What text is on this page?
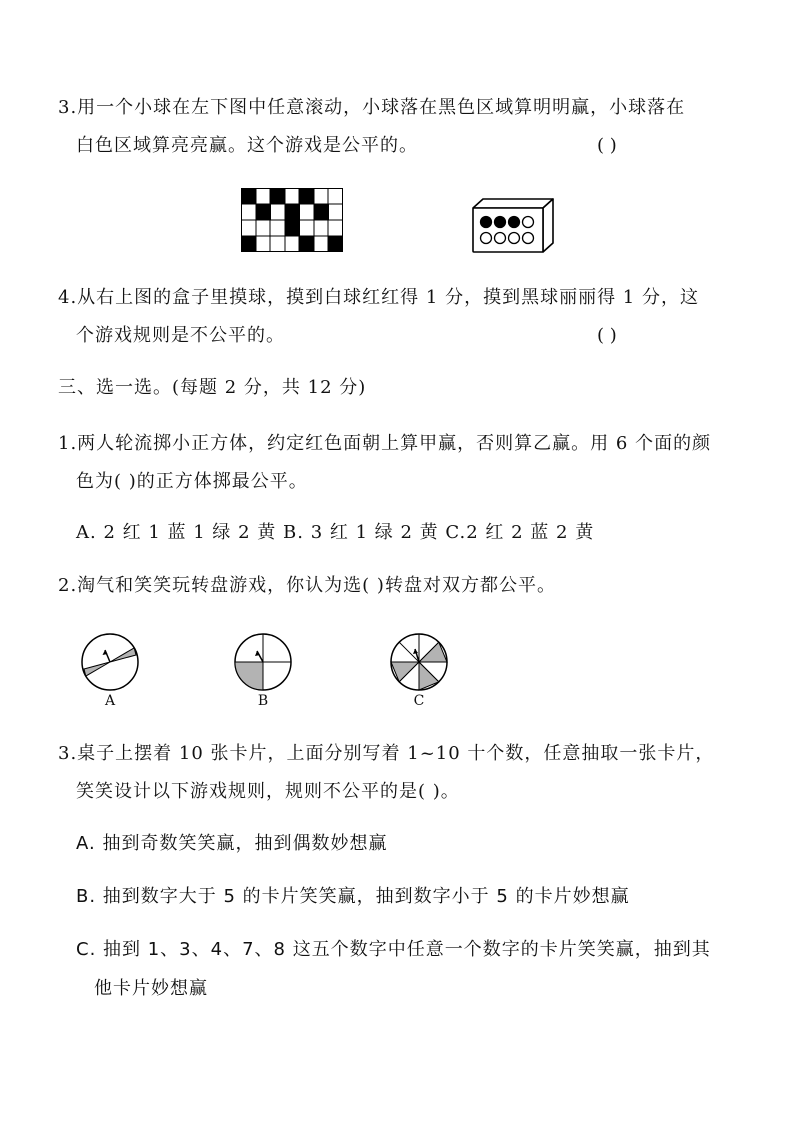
3.用一个小球在左下图中任意滚动，小球落在黑色区域算明明赢，小球落在
白色区域算亮亮赢。这个游戏是公平的。	( )
4.从右上图的盒子里摸球，摸到白球红红得 1 分，摸到黑球丽丽得 1 分，这
个游戏规则是不公平的。	( )
三、选一选。(每题 2 分，共 12 分)
1.两人轮流掷小正方体，约定红色面朝上算甲赢，否则算乙赢。用 6 个面的颜
色为( )的正方体掷最公平。
A. 2 红 1 蓝 1 绿 2 黄 B. 3 红 1 绿 2 黄 C.2 红 2 蓝 2 黄
2.淘气和笑笑玩转盘游戏，你认为选( )转盘对双方都公平。
A	B	C
3.桌子上摆着 10 张卡片，上面分别写着 1~10 十个数，任意抽取一张卡片，
笑笑设计以下游戏规则，规则不公平的是( )。
A. 抽到奇数笑笑赢，抽到偶数妙想赢
B. 抽到数字大于 5 的卡片笑笑赢，抽到数字小于 5 的卡片妙想赢
C. 抽到 1、3、4、7、8 这五个数字中任意一个数字的卡片笑笑赢，抽到其
他卡片妙想赢
